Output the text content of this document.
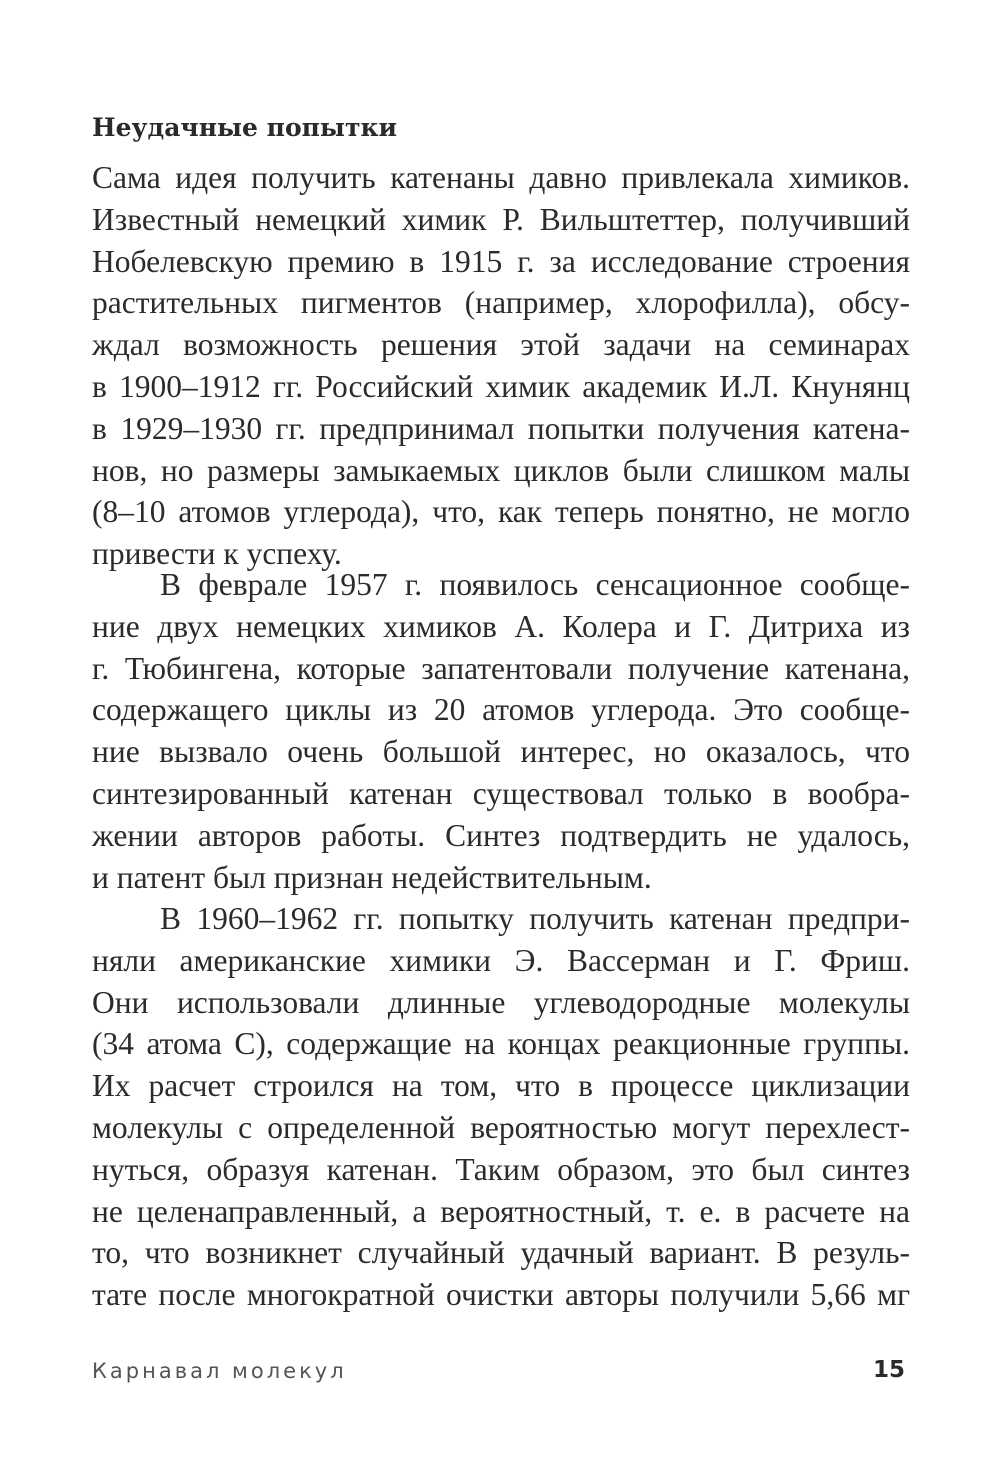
Неудачные попытки
Сама идея получить катенаны давно привлекала химиков.
Известный немецкий химик Р. Вильштеттер, получивший
Нобелевскую премию в 1915 г. за исследование строения
растительных пигментов (например, хлорофилла), обсу-
ждал возможность решения этой задачи на семинарах
в 1900–1912 гг. Российский химик академик И.Л. Кнунянц
в 1929–1930 гг. предпринимал попытки получения катена-
нов, но размеры замыкаемых циклов были слишком малы
(8–10 атомов углерода), что, как теперь понятно, не могло
привести к успеху.
В феврале 1957 г. появилось сенсационное сообще-
ние двух немецких химиков А. Колера и Г. Дитриха из
г. Тюбингена, которые запатентовали получение катенана,
содержащего циклы из 20 атомов углерода. Это сообще-
ние вызвало очень большой интерес, но оказалось, что
синтезированный катенан существовал только в вообра-
жении авторов работы. Синтез подтвердить не удалось,
и патент был признан недействительным.
В 1960–1962 гг. попытку получить катенан предпри-
няли американские химики Э. Вассерман и Г. Фриш.
Они использовали длинные углеводородные молекулы
(34 атома С), содержащие на концах реакционные группы.
Их расчет строился на том, что в процессе циклизации
молекулы с определенной вероятностью могут перехлест-
нуться, образуя катенан. Таким образом, это был синтез
не целенаправленный, а вероятностный, т. е. в расчете на
то, что возникнет случайный удачный вариант. В резуль-
тате после многократной очистки авторы получили 5,66 мг
Карнавал молекул	15
